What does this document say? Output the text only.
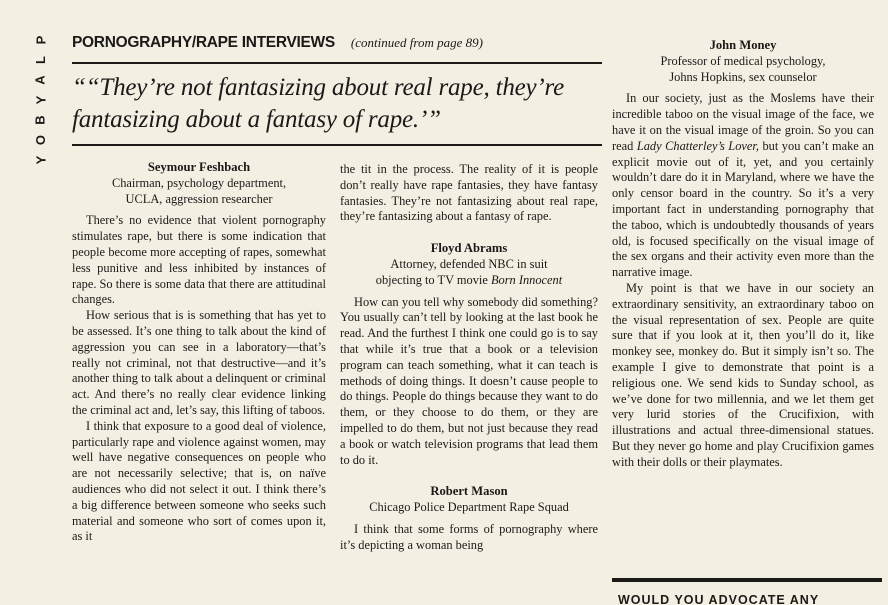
P
L
A
Y
B
O
Y
PORNOGRAPHY/RAPE INTERVIEWS (continued from page 89)
““They’re not fantasizing about real rape, they’re
fantasizing about a fantasy of rape.’”
Seymour Feshbach
Chairman, psychology department,
UCLA, aggression researcher

There’s no evidence that violent pornography stimulates rape, but there is some indication that people become more accepting of rapes, somewhat less punitive and less inhibited by instances of rape. So there is some data that there are attitudinal changes.

How serious that is is something that has yet to be assessed. It’s one thing to talk about the kind of aggression you can see in a laboratory—that’s really not criminal, not that destructive—and it’s another thing to talk about a delinquent or criminal act. And there’s no really clear evidence linking the criminal act and, let’s say, this lifting of taboos.

I think that exposure to a good deal of violence, particularly rape and violence against women, may well have negative consequences on people who are not necessarily selective; that is, on naïve audiences who did not select it out. I think there’s a big difference between someone who seeks such material and someone who sort of comes upon it, as it

the tit in the process. The reality of it is people don’t really have rape fantasies, they have fantasy fantasies. They’re not fantasizing about real rape, they’re fantasizing about a fantasy of rape.

Floyd Abrams
Attorney, defended NBC in suit
objecting to TV movie Born Innocent

How can you tell why somebody did something? You usually can’t tell by looking at the last book he read. And the furthest I think one could go is to say that while it’s true that a book or a television program can teach something, what it can teach is methods of doing things. It doesn’t cause people to do things. People do things because they want to do them, or they choose to do them, or they are impelled to do them, but not just because they read a book or watch television programs that lead them to do it.

Robert Mason
Chicago Police Department Rape Squad

I think that some forms of pornography where it’s depicting a woman being

John Money
Professor of medical psychology,
Johns Hopkins, sex counselor

In our society, just as the Moslems have their incredible taboo on the visual image of the face, we have it on the visual image of the groin. So you can read Lady Chatterley’s Lover, but you can’t make an explicit movie out of it, yet, and you certainly wouldn’t dare do it in Maryland, where we have the only censor board in the country. So it’s a very important fact in understanding pornography that the taboo, which is undoubtedly thousands of years old, is focused specifically on the visual image of the sex organs and their activity even more than the narrative image.

My point is that we have in our society an extraordinary sensitivity, an extraordinary taboo on the visual representation of sex. People are quite sure that if you look at it, then you’ll do it, like monkey see, monkey do. But it simply isn’t so. The example I give to demonstrate that point is a religious one. We send kids to Sunday school, as we’ve done for two millennia, and we let them get very lurid stories of the Crucifixion, with illustrations and actual three-dimensional statues. But they never go home and play Crucifixion games with their dolls or their playmates.

WOULD YOU ADVOCATE ANY
